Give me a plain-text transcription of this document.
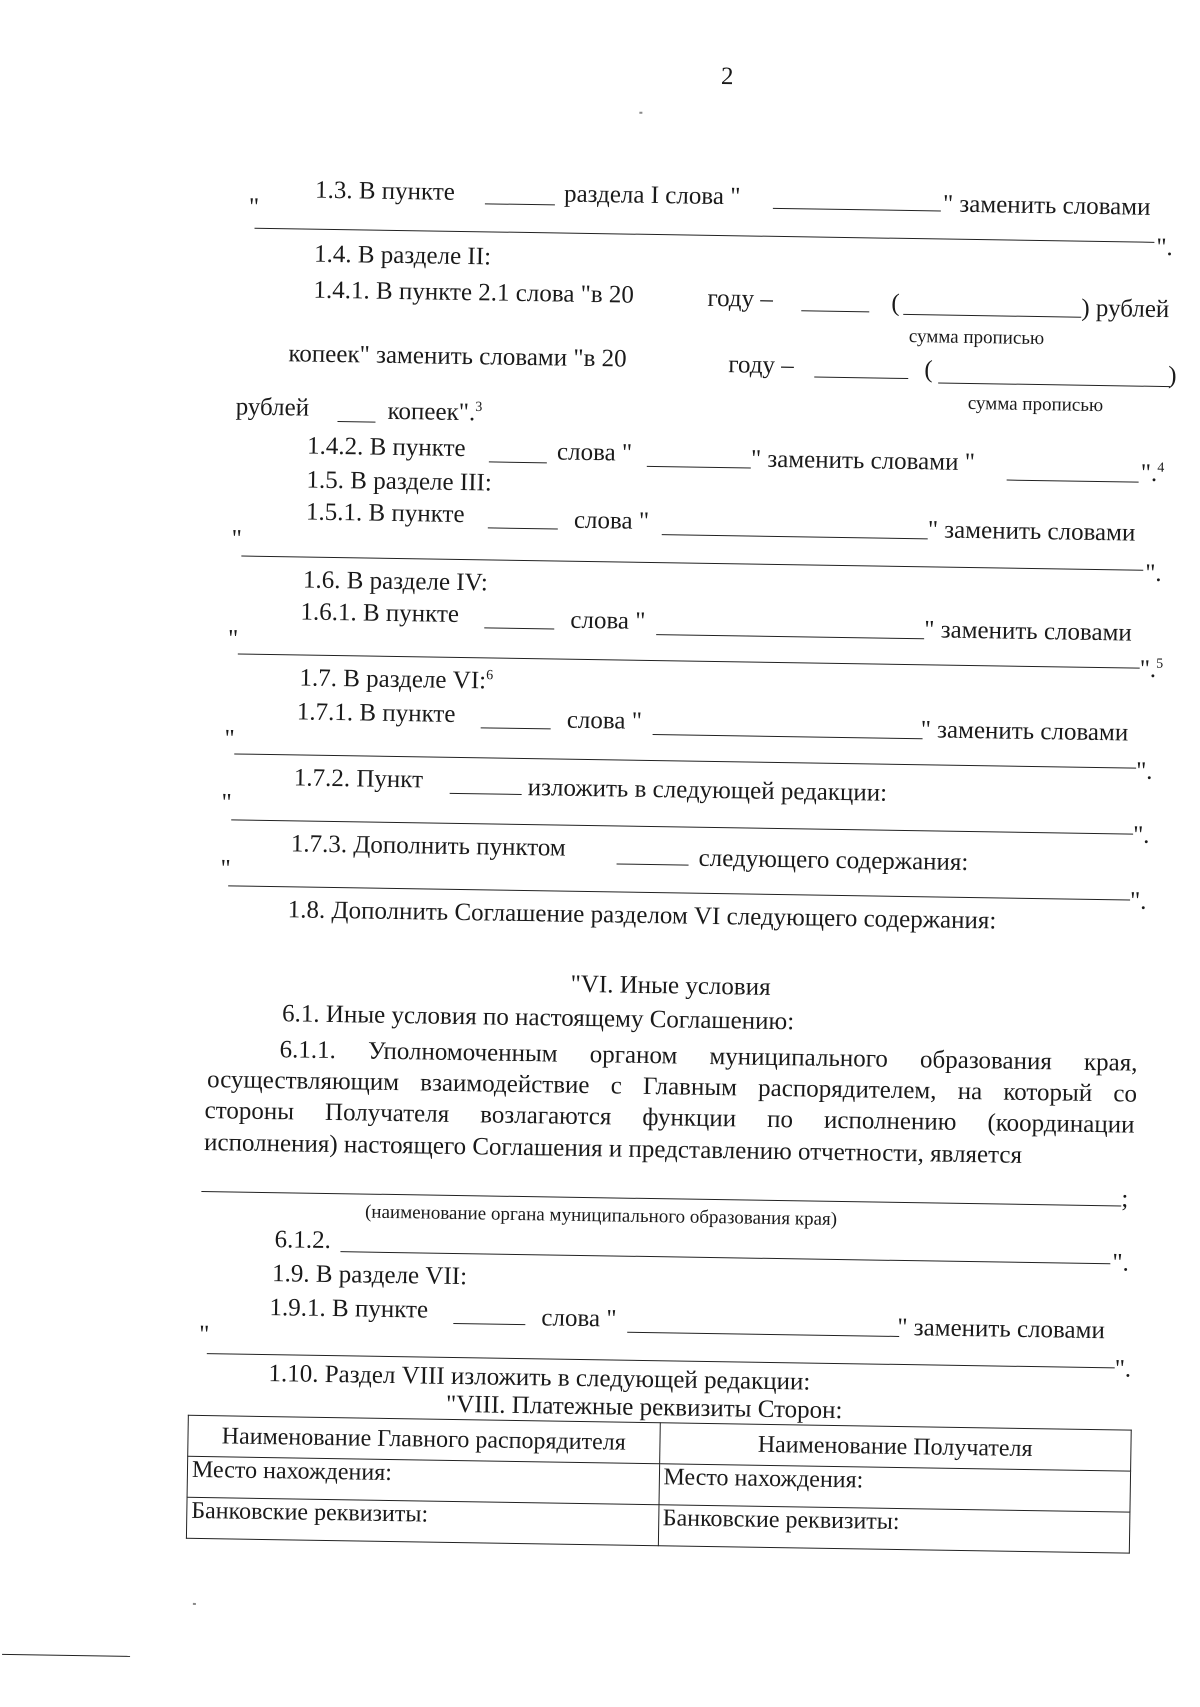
2
1.3. В пункте	раздела I слова "	" заменить словами
"
".
1.4. В разделе II:
1.4.1. В пункте 2.1 слова "в 20	году –	(	) рублей
сумма прописью
копеек" заменить словами "в 20	году –	(	)
сумма прописью
рублей	копеек".$^3$
1.4.2. В пункте	слова "	" заменить словами "	".$^4$
1.5. В разделе III:
1.5.1. В пункте	слова "	" заменить словами
"
".
1.6. В разделе IV:
1.6.1. В пункте	слова "	" заменить словами
"
".$^5$
1.7. В разделе VI:$^6$
1.7.1. В пункте	слова "	" заменить словами
"
".
1.7.2. Пункт	изложить в следующей редакции:
"
".
1.7.3. Дополнить пунктом	следующего содержания:
"
".
1.8. Дополнить Соглашение разделом VI следующего содержания:
"VI. Иные условия
6.1. Иные условия по настоящему Соглашению:
6.1.1. Уполномоченным органом муниципального образования края,
осуществляющим взаимодействие с Главным распорядителем, на который со
стороны Получателя возлагаются функции по исполнению (координации
исполнения) настоящего Соглашения и представлению отчетности, является
;
(наименование органа муниципального образования края)
6.1.2.
".
1.9. В разделе VII:
1.9.1. В пункте	слова "	" заменить словами
"
".
1.10. Раздел VIII изложить в следующей редакции:
"VIII. Платежные реквизиты Сторон:
Наименование Главного распорядителя	Наименование Получателя
Место нахождения:	Место нахождения:
Банковские реквизиты:	Банковские реквизиты:
